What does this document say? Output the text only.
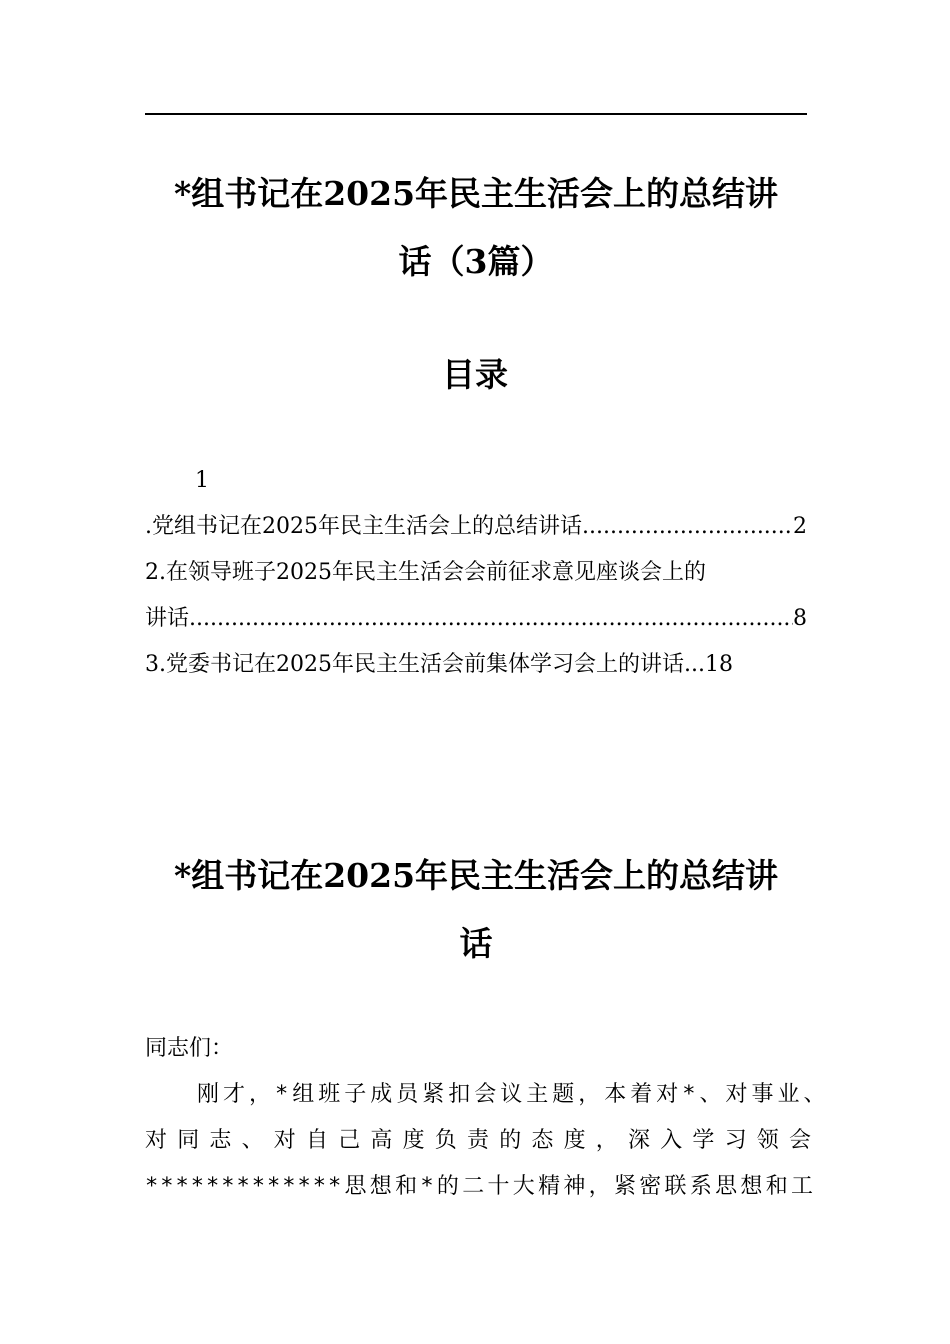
*组书记在2025年民主生活会上的总结讲
话（3篇）
目录
1
.党组书记在2025年民主生活会上的总结讲话 .....	2
2.在领导班子2025年民主生活会会前征求意见座谈会上的
讲话 .....	8
3.党委书记在2025年民主生活会前集体学习会上的讲话 ...18
*组书记在2025年民主生活会上的总结讲
话
同志们：
刚才，*组班子成员紧扣会议主题，本着对*、对事业、
对同志、对自己高度负责的态度，深入学习领会
*************思想和*的二十大精神，紧密联系思想和工
